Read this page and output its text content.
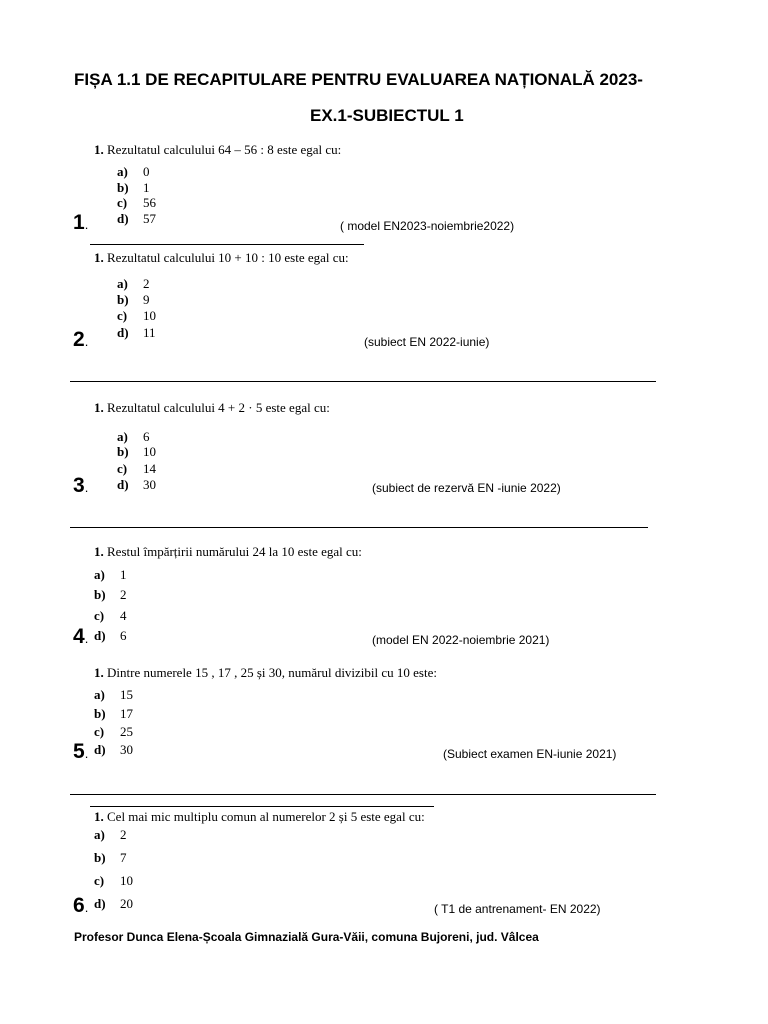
FIȘA 1.1 DE RECAPITULARE PENTRU EVALUAREA NAȚIONALĂ 2023-
EX.1-SUBIECTUL 1
1. Rezultatul calculului 64 – 56 : 8 este egal cu:
a) 0
b) 1
c) 56
d) 57
1.	( model EN2023-noiembrie2022)
1. Rezultatul calculului 10 + 10 : 10 este egal cu:
a) 2
b) 9
c) 10
d) 11
2.	(subiect EN 2022-iunie)
1. Rezultatul calculului 4 + 2 · 5 este egal cu:
a) 6
b) 10
c) 14
d) 30
3.	(subiect de rezervă EN -iunie 2022)
1. Restul împărțirii numărului 24 la 10 este egal cu:
a) 1
b) 2
c) 4
d) 6
4.	(model EN 2022-noiembrie 2021)
1. Dintre numerele 15 , 17 , 25 și 30, numărul divizibil cu 10 este:
a) 15
b) 17
c) 25
d) 30
5.	(Subiect examen EN-iunie 2021)
1. Cel mai mic multiplu comun al numerelor 2 și 5 este egal cu:
a) 2
b) 7
c) 10
d) 20
6.	( T1 de antrenament- EN 2022)
Profesor Dunca Elena-Școala Gimnazială Gura-Văii, comuna Bujoreni, jud. Vâlcea
